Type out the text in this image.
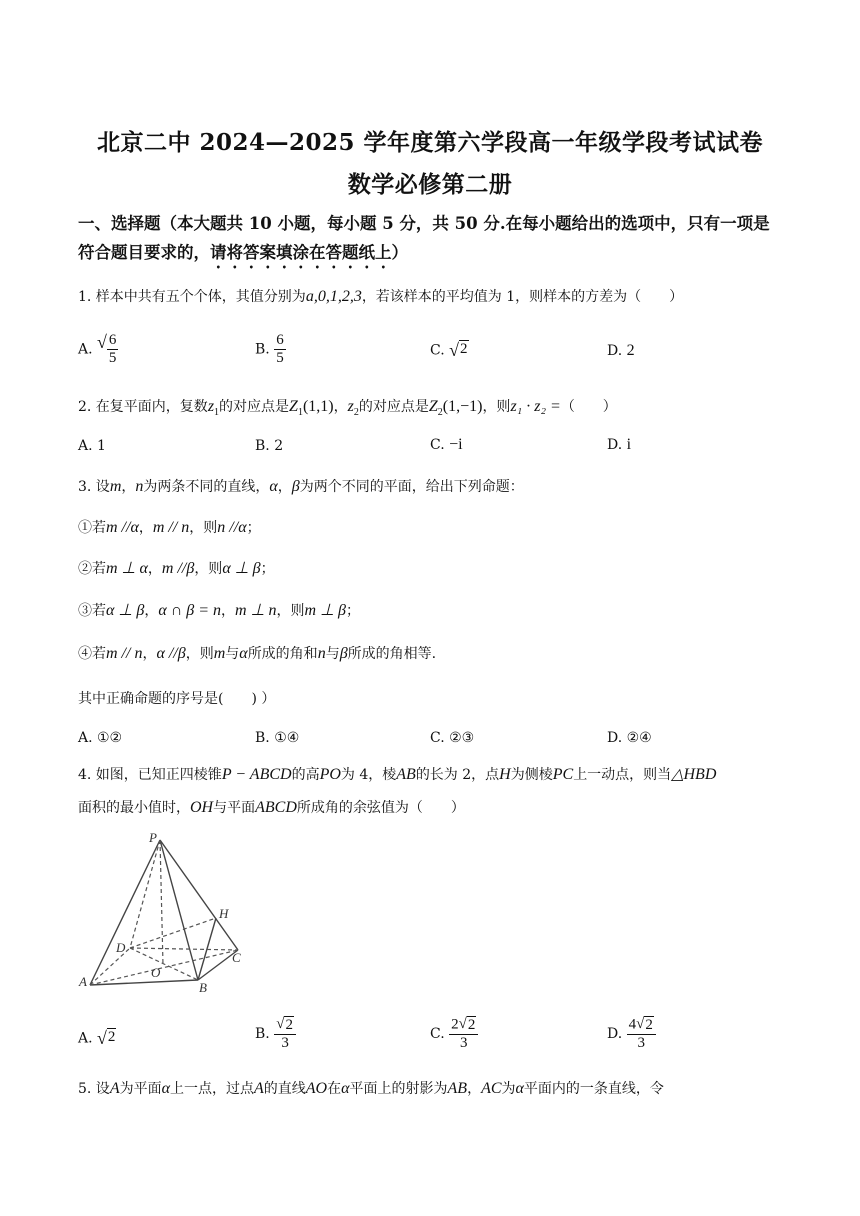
北京二中 2024—2025 学年度第六学段高一年级学段考试试卷
数学必修第二册
一、选择题（本大题共 10 小题，每小题 5 分，共 50 分.在每小题给出的选项中，只有一项是
符合题目要求的，请将答案填涂在答题纸上）
1. 样本中共有五个个体，其值分别为a,0,1,2,3，若该样本的平均值为 1，则样本的方差为（　　）
A. √ $\frac{6}{5}$	B. $\frac{6}{5}$	C. √ 2	D. 2
2. 在复平面内，复数$z_1$的对应点是$Z_1(1,1)$，$z_2$的对应点是$Z_2(1,-1)$，则z₁ · z₂ =（　　）
A. 1	B. 2	C. −i	D. i
3. 设m，n为两条不同的直线，α，β为两个不同的平面，给出下列命题：
①若m //α，m // n，则n //α；
②若m ⊥ α，m //β，则α ⊥ β；
③若α ⊥ β，α ∩ β = n，m ⊥ n，则m ⊥ β；
④若m // n，α //β，则m与α所成的角和n与β所成的角相等.
其中正确命题的序号是(　　) ）
A. ①②	B. ①④	C. ②③	D. ②④
4. 如图，已知正四棱锥P − ABCD的高PO为 4，棱AB的长为 2，点H为侧棱PC上一动点，则当△HBD
面积的最小值时，OH与平面ABCD所成角的余弦值为（　　）
P
H
D
C
O
A	B
A. √ 2	B. $\frac{√ 2}{3}$	C. $\frac{2 √ 2}{3}$	D. $\frac{4 √ 2}{3}$
5. 设A为平面α上一点，过点A的直线AO在α平面上的射影为AB，AC为α平面内的一条直线，令
